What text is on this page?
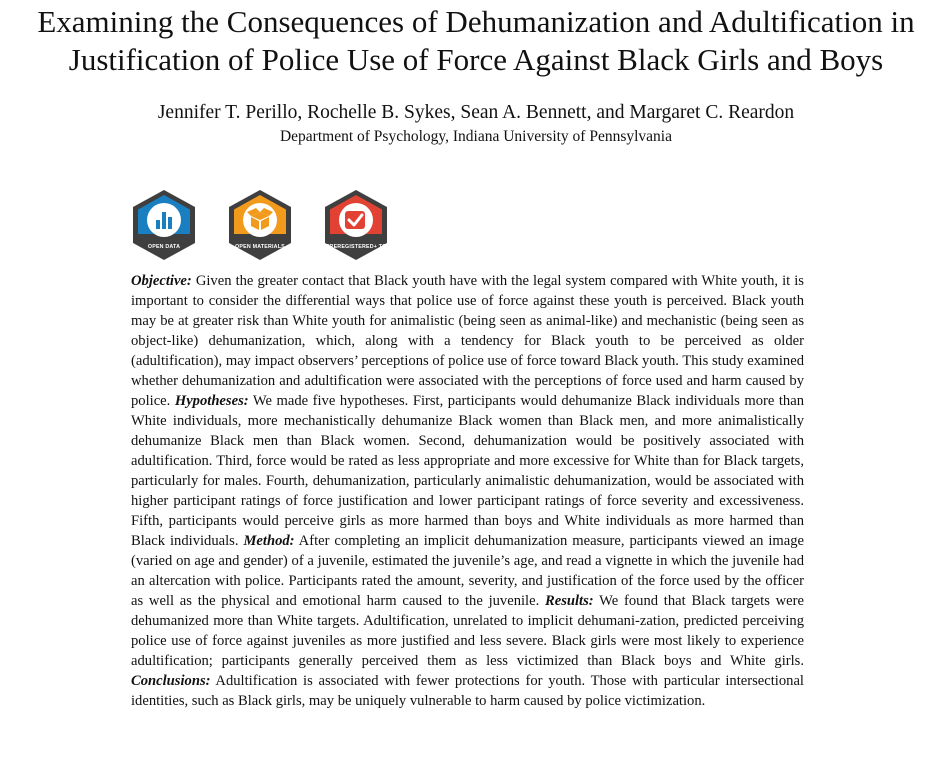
Examining the Consequences of Dehumanization and Adultification in
Justification of Police Use of Force Against Black Girls and Boys
Jennifer T. Perillo, Rochelle B. Sykes, Sean A. Bennett, and Margaret C. Reardon
Department of Psychology, Indiana University of Pennsylvania
OPEN DATA	OPEN MATERIALS	PREREGISTERED+ TC

Objective: Given the greater contact that Black youth have with the legal system compared with White youth, it is important to consider the differential ways that police use of force against these youth is perceived. Black youth may be at greater risk than White youth for animalistic (being seen as animal-like) and mechanistic (being seen as object-like) dehumanization, which, along with a tendency for Black youth to be perceived as older (adultification), may impact observers’ perceptions of police use of force toward Black youth. This study examined whether dehumanization and adultification were associated with the perceptions of force used and harm caused by police. Hypotheses: We made five hypotheses. First, participants would dehumanize Black individuals more than White individuals, more mechanistically dehumanize Black women than Black men, and more animalistically dehumanize Black men than Black women. Second, dehumanization would be positively associated with adultification. Third, force would be rated as less appropriate and more excessive for White than for Black targets, particularly for males. Fourth, dehumanization, particularly animalistic dehumanization, would be associated with higher participant ratings of force justification and lower participant ratings of force severity and excessiveness. Fifth, participants would perceive girls as more harmed than boys and White individuals as more harmed than Black individuals. Method: After completing an implicit dehumanization measure, participants viewed an image (varied on age and gender) of a juvenile, estimated the juvenile’s age, and read a vignette in which the juvenile had an altercation with police. Participants rated the amount, severity, and justification of the force used by the officer as well as the physical and emotional harm caused to the juvenile. Results: We found that Black targets were dehumanized more than White targets. Adultification, unrelated to implicit dehumani-zation, predicted perceiving police use of force against juveniles as more justified and less severe. Black girls were most likely to experience adultification; participants generally perceived them as less victimized than Black boys and White girls. Conclusions: Adultification is associated with fewer protections for youth. Those with particular intersectional identities, such as Black girls, may be uniquely vulnerable to harm caused by police victimization.
